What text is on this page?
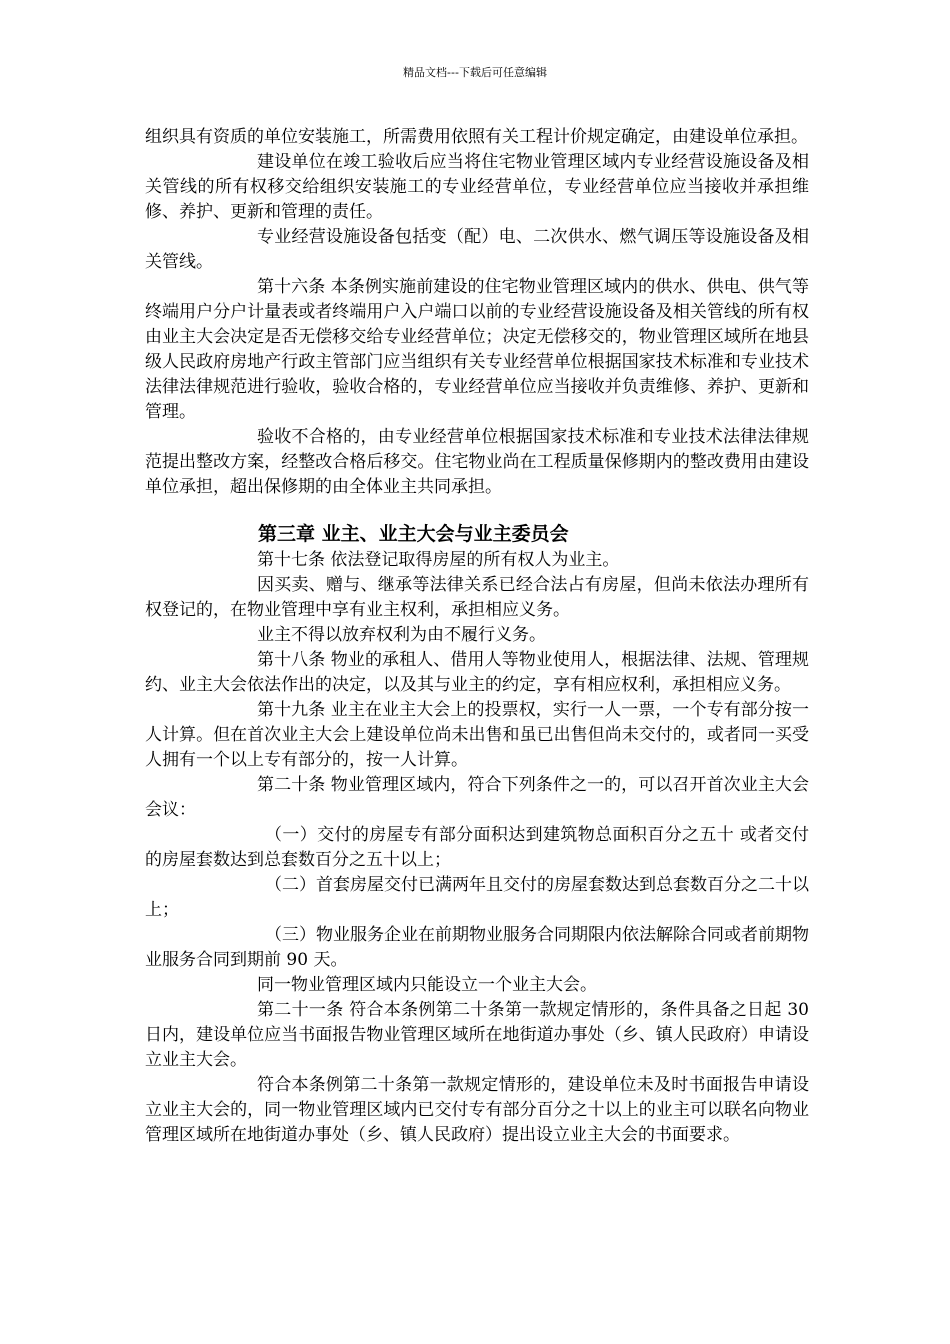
精品文档---下载后可任意编辑

组织具有资质的单位安装施工，所需费用依照有关工程计价规定确定，由建设单位承担。

建设单位在竣工验收后应当将住宅物业管理区域内专业经营设施设备及相关管线的所有权移交给组织安装施工的专业经营单位，专业经营单位应当接收并承担维修、养护、更新和管理的责任。

专业经营设施设备包括变（配）电、二次供水、燃气调压等设施设备及相关管线。

第十六条 本条例实施前建设的住宅物业管理区域内的供水、供电、供气等终端用户分户计量表或者终端用户入户端口以前的专业经营设施设备及相关管线的所有权由业主大会决定是否无偿移交给专业经营单位；决定无偿移交的，物业管理区域所在地县级人民政府房地产行政主管部门应当组织有关专业经营单位根据国家技术标准和专业技术法律法律规范进行验收，验收合格的，专业经营单位应当接收并负责维修、养护、更新和管理。

验收不合格的，由专业经营单位根据国家技术标准和专业技术法律法律规范提出整改方案，经整改合格后移交。住宅物业尚在工程质量保修期内的整改费用由建设单位承担，超出保修期的由全体业主共同承担。

第三章 业主、业主大会与业主委员会

第十七条 依法登记取得房屋的所有权人为业主。

因买卖、赠与、继承等法律关系已经合法占有房屋，但尚未依法办理所有权登记的，在物业管理中享有业主权利，承担相应义务。

业主不得以放弃权利为由不履行义务。

第十八条 物业的承租人、借用人等物业使用人，根据法律、法规、管理规约、业主大会依法作出的决定，以及其与业主的约定，享有相应权利，承担相应义务。

第十九条 业主在业主大会上的投票权，实行一人一票，一个专有部分按一人计算。但在首次业主大会上建设单位尚未出售和虽已出售但尚未交付的，或者同一买受人拥有一个以上专有部分的，按一人计算。

第二十条 物业管理区域内，符合下列条件之一的，可以召开首次业主大会会议：

（一）交付的房屋专有部分面积达到建筑物总面积百分之五十 或者交付的房屋套数达到总套数百分之五十以上；

（二）首套房屋交付已满两年且交付的房屋套数达到总套数百分之二十以上；

（三）物业服务企业在前期物业服务合同期限内依法解除合同或者前期物业服务合同到期前 90 天。

同一物业管理区域内只能设立一个业主大会。

第二十一条 符合本条例第二十条第一款规定情形的，条件具备之日起 30 日内，建设单位应当书面报告物业管理区域所在地街道办事处（乡、镇人民政府）申请设立业主大会。

符合本条例第二十条第一款规定情形的，建设单位未及时书面报告申请设立业主大会的，同一物业管理区域内已交付专有部分百分之十以上的业主可以联名向物业管理区域所在地街道办事处（乡、镇人民政府）提出设立业主大会的书面要求。
